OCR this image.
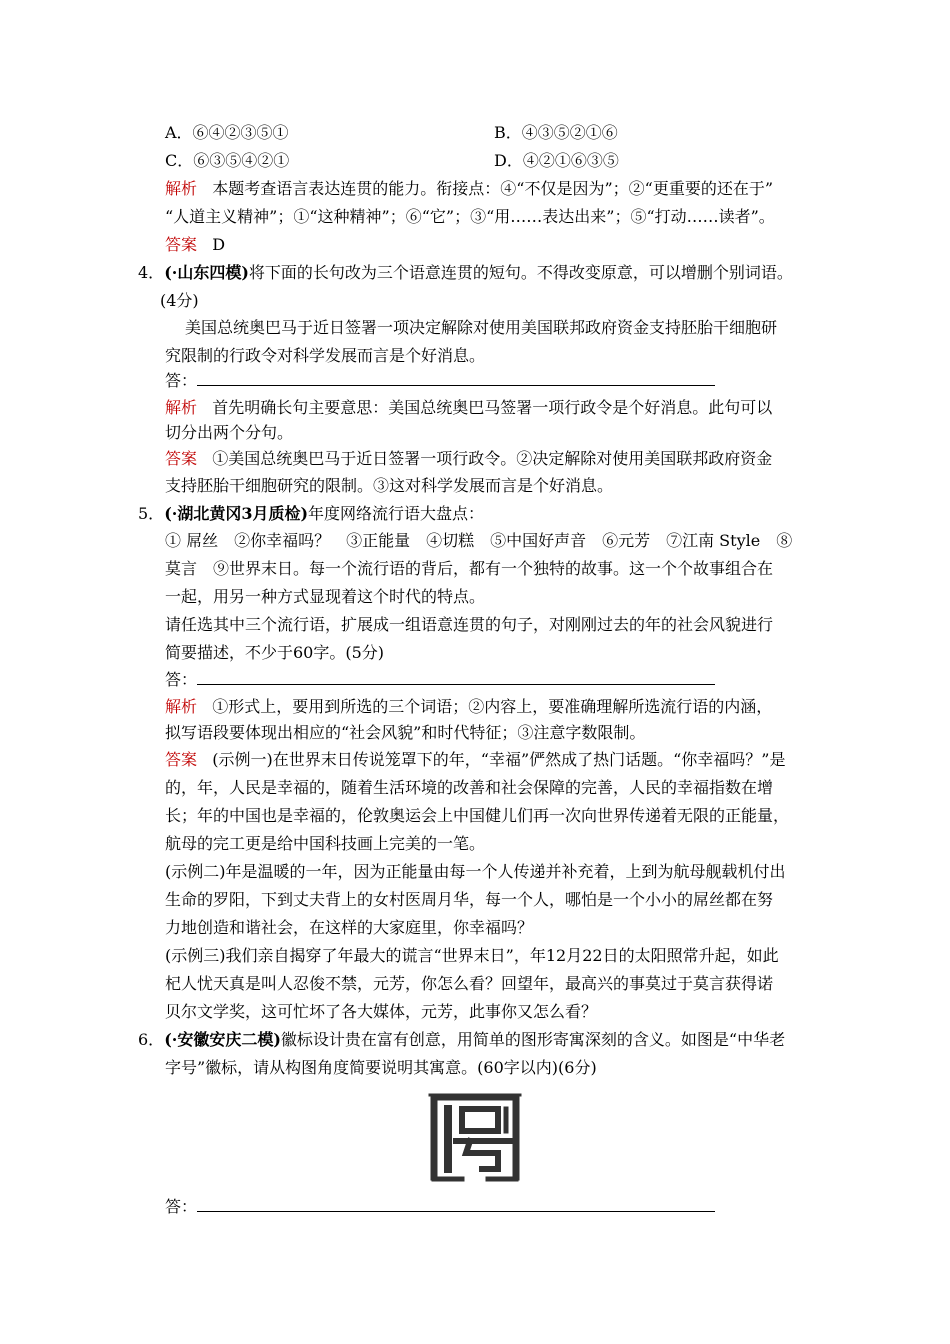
A．⑥④②③⑤①	B．④③⑤②①⑥
C．⑥③⑤④②①	D．④②①⑥③⑤
解析 本题考查语言表达连贯的能力。衔接点：④“不仅是因为”；②“更重要的还在于”
“人道主义精神”；①“这种精神”；⑥“它”；③“用……表达出来”；⑤“打动……读者”。
答案 D
4．(·山东四模)将下面的长句改为三个语意连贯的短句。不得改变原意，可以增删个别词语。
(4分)
美国总统奥巴马于近日签署一项决定解除对使用美国联邦政府资金支持胚胎干细胞研
究限制的行政令对科学发展而言是个好消息。
答：
解析 首先明确长句主要意思：美国总统奥巴马签署一项行政令是个好消息。此句可以
切分出两个分句。
答案 ①美国总统奥巴马于近日签署一项行政令。②决定解除对使用美国联邦政府资金
支持胚胎干细胞研究的限制。③这对科学发展而言是个好消息。
5．(·湖北黄冈3月质检)年度网络流行语大盘点：
① 屌丝　②你幸福吗？　③正能量　④切糕　⑤中国好声音　⑥元芳　⑦江南 Style　⑧
莫言　⑨世界末日。每一个流行语的背后，都有一个独特的故事。这一个个故事组合在
一起，用另一种方式显现着这个时代的特点。
请任选其中三个流行语，扩展成一组语意连贯的句子，对刚刚过去的年的社会风貌进行
简要描述，不少于60字。(5分)
答：
解析 ①形式上，要用到所选的三个词语；②内容上，要准确理解所选流行语的内涵，
拟写语段要体现出相应的“社会风貌”和时代特征；③注意字数限制。
答案 (示例一)在世界末日传说笼罩下的年，“幸福”俨然成了热门话题。“你幸福吗？”是
的，年，人民是幸福的，随着生活环境的改善和社会保障的完善，人民的幸福指数在增
长；年的中国也是幸福的，伦敦奥运会上中国健儿们再一次向世界传递着无限的正能量，
航母的完工更是给中国科技画上完美的一笔。
(示例二)年是温暖的一年，因为正能量由每一个人传递并补充着，上到为航母舰载机付出
生命的罗阳，下到丈夫背上的女村医周月华，每一个人，哪怕是一个小小的屌丝都在努
力地创造和谐社会，在这样的大家庭里，你幸福吗？
(示例三)我们亲自揭穿了年最大的谎言“世界末日”，年12月22日的太阳照常升起，如此
杞人忧天真是叫人忍俊不禁，元芳，你怎么看？回望年，最高兴的事莫过于莫言获得诺
贝尔文学奖，这可忙坏了各大媒体，元芳，此事你又怎么看？
6．(·安徽安庆二模)徽标设计贵在富有创意，用简单的图形寄寓深刻的含义。如图是“中华老
字号”徽标，请从构图角度简要说明其寓意。(60字以内)(6分)
答：
